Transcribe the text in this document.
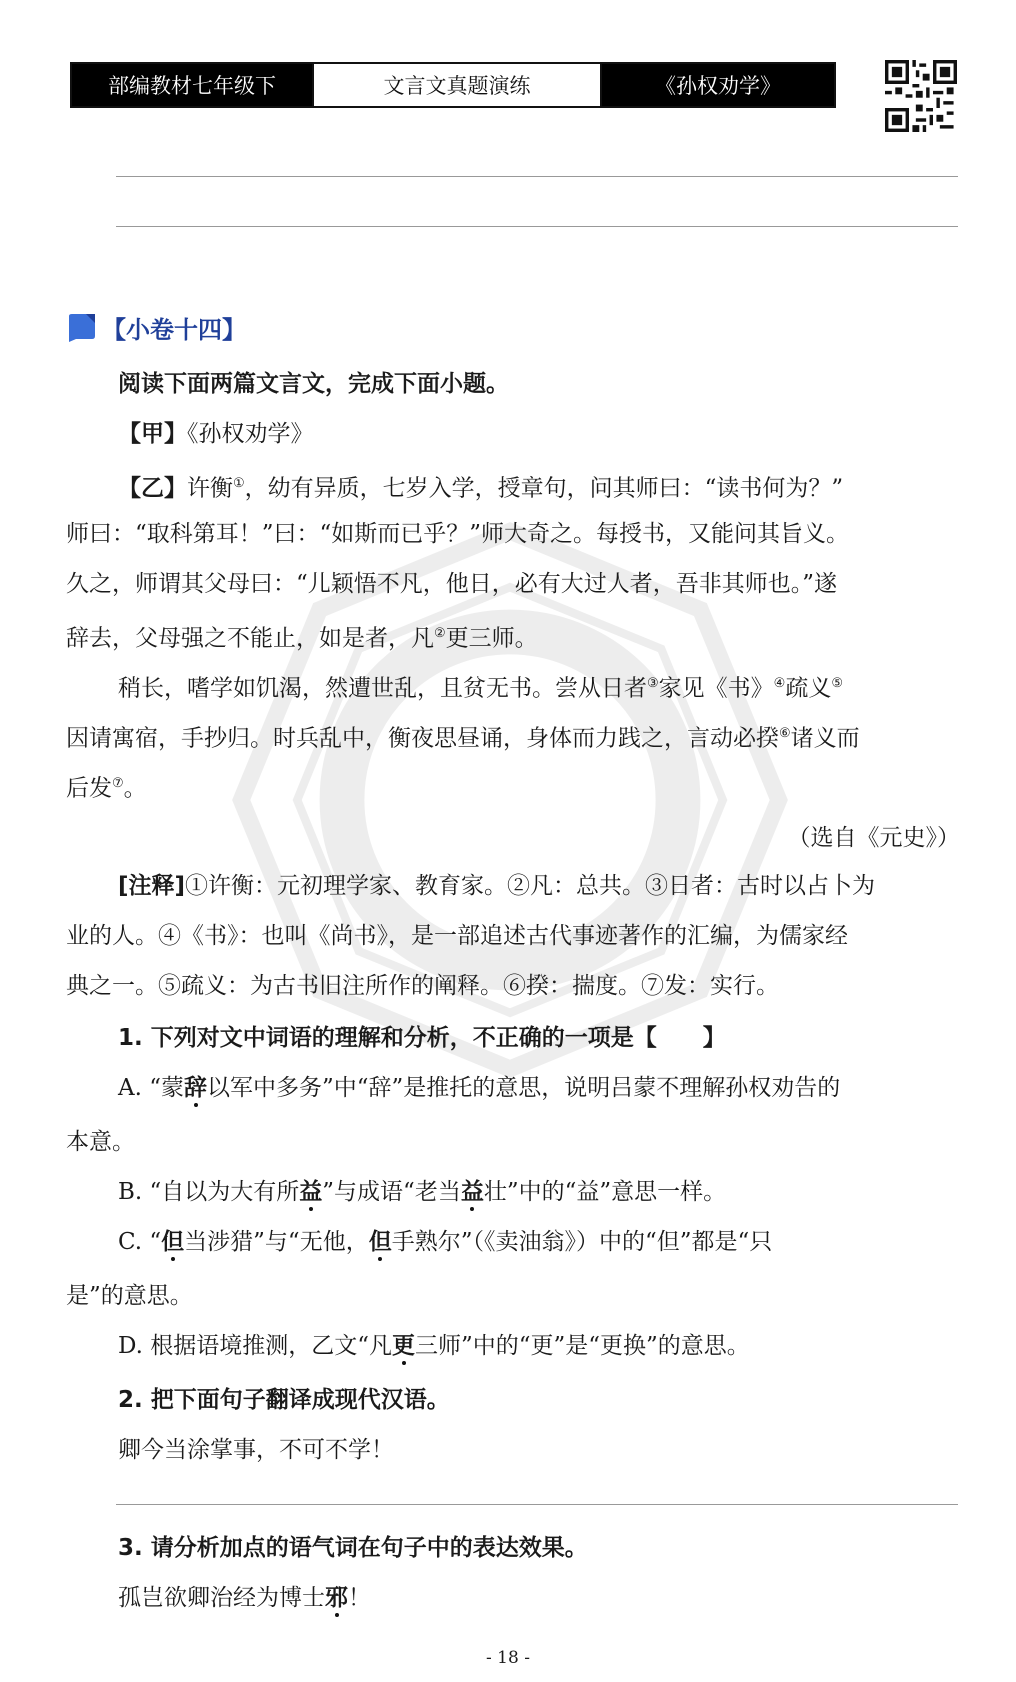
部编教材七年级下	文言文真题演练	《孙权劝学》
【小卷十四】
阅读下面两篇文言文，完成下面小题。
【甲】《孙权劝学》
【乙】许衡①，幼有异质，七岁入学，授章句，问其师曰：“读书何为？”
师曰：“取科第耳！”曰：“如斯而已乎？”师大奇之。每授书，又能问其旨义。
久之，师谓其父母曰：“儿颖悟不凡，他日，必有大过人者，吾非其师也。”遂
辞去，父母强之不能止，如是者，凡②更三师。
稍长，嗜学如饥渴，然遭世乱，且贫无书。尝从日者③家见《书》④疏义⑤
因请寓宿，手抄归。时兵乱中，衡夜思昼诵，身体而力践之，言动必揆⑥诸义而
后发⑦。
（选自《元史》）
[注释]①许衡：元初理学家、教育家。②凡：总共。③日者：古时以占卜为
业的人。④《书》：也叫《尚书》，是一部追述古代事迹著作的汇编，为儒家经
典之一。⑤疏义：为古书旧注所作的阐释。⑥揆：揣度。⑦发：实行。
1. 下列对文中词语的理解和分析，不正确的一项是【　　】
A. “蒙辞以军中多务”中“辞”是推托的意思，说明吕蒙不理解孙权劝告的
本意。
B. “自以为大有所益”与成语“老当益壮”中的“益”意思一样。
C. “但当涉猎”与“无他，但手熟尔”（《卖油翁》）中的“但”都是“只
是”的意思。
D. 根据语境推测，乙文“凡更三师”中的“更”是“更换”的意思。
2. 把下面句子翻译成现代汉语。
卿今当涂掌事，不可不学！
3. 请分析加点的语气词在句子中的表达效果。
孤岂欲卿治经为博士邪！
- 18 -
